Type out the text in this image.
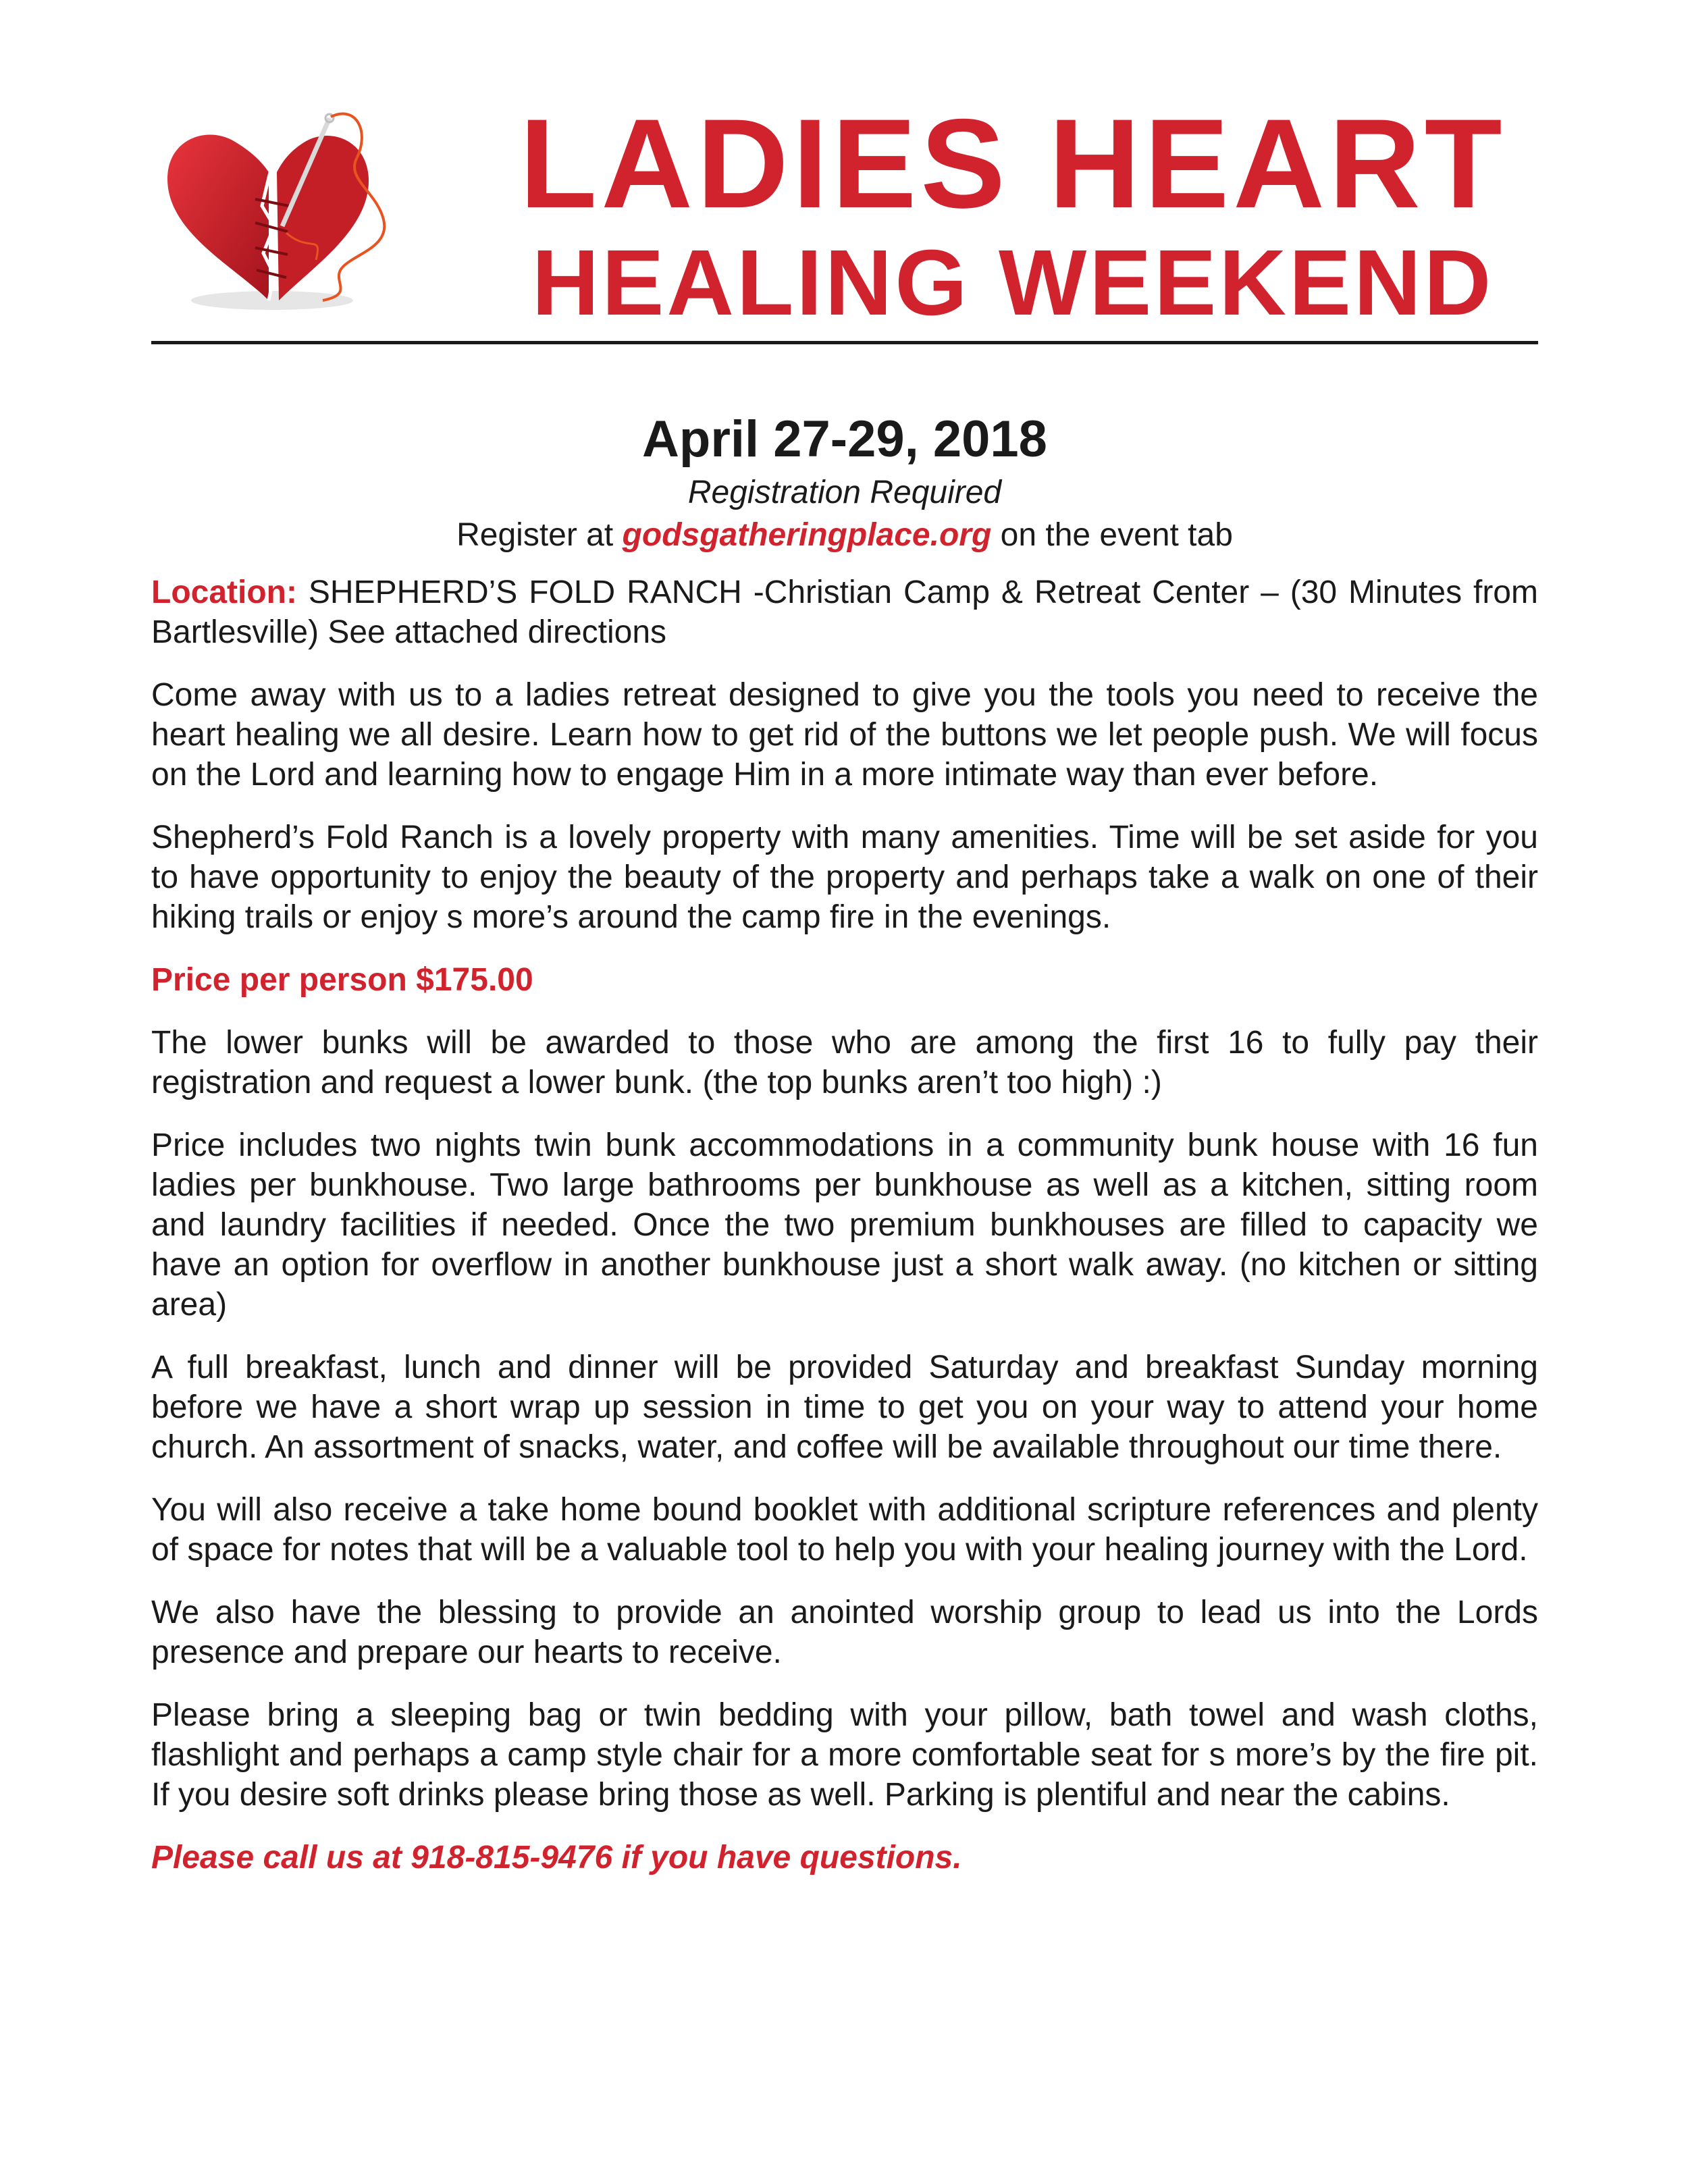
LADIES HEART
HEALING WEEKEND
April 27-29, 2018
Registration Required
Register at godsgatheringplace.org on the event tab

Location: SHEPHERD’S FOLD RANCH -Christian Camp & Retreat Center – (30 Minutes from Bartlesville) See attached directions

Come away with us to a ladies retreat designed to give you the tools you need to receive the heart healing we all desire. Learn how to get rid of the buttons we let people push. We will focus on the Lord and learning how to engage Him in a more intimate way than ever before.

Shepherd’s Fold Ranch is a lovely property with many amenities. Time will be set aside for you to have opportunity to enjoy the beauty of the property and perhaps take a walk on one of their hiking trails or enjoy s more’s around the camp fire in the evenings.

Price per person $175.00

The lower bunks will be awarded to those who are among the first 16 to fully pay their registration and request a lower bunk. (the top bunks aren’t too high) :)

Price includes two nights twin bunk accommodations in a community bunk house with 16 fun ladies per bunkhouse. Two large bathrooms per bunkhouse as well as a kitchen, sitting room and laundry facilities if needed. Once the two premium bunkhouses are filled to capacity we have an option for overflow in another bunkhouse just a short walk away. (no kitchen or sitting area)

A full breakfast, lunch and dinner will be provided Saturday and breakfast Sunday morning before we have a short wrap up session in time to get you on your way to attend your home church. An assortment of snacks, water, and coffee will be available throughout our time there.

You will also receive a take home bound booklet with additional scripture references and plenty of space for notes that will be a valuable tool to help you with your healing journey with the Lord.

We also have the blessing to provide an anointed worship group to lead us into the Lords presence and prepare our hearts to receive.

Please bring a sleeping bag or twin bedding with your pillow, bath towel and wash cloths, flashlight and perhaps a camp style chair for a more comfortable seat for s more’s by the fire pit. If you desire soft drinks please bring those as well. Parking is plentiful and near the cabins.

Please call us at 918-815-9476 if you have questions.
